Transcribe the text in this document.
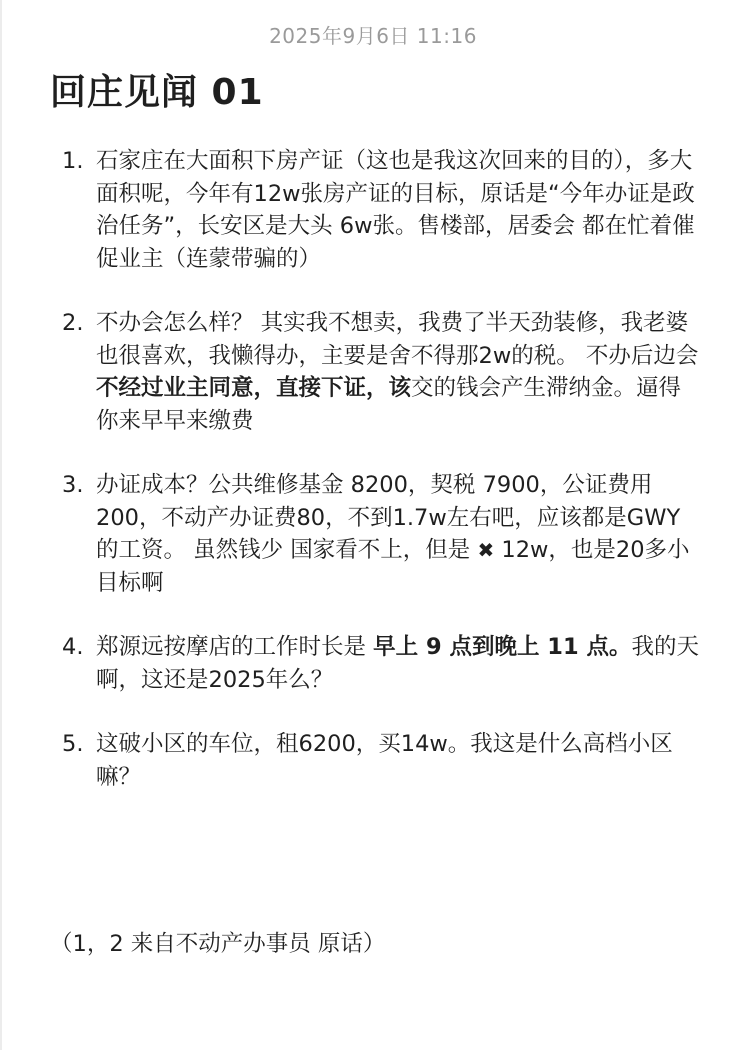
2025年9月6日 11:16
回庄见闻 01
1. 石家庄在大面积下房产证（这也是我这次回来的目的），多大面积呢，今年有12w张房产证的目标，原话是“今年办证是政治任务”，长安区是大头 6w张。售楼部，居委会 都在忙着催促业主（连蒙带骗的）
2. 不办会怎么样？ 其实我不想卖，我费了半天劲装修，我老婆也很喜欢，我懒得办，主要是舍不得那2w的税。 不办后边会 不经过业主同意，直接下证，该交的钱会产生滞纳金。逼得你来早早来缴费
3. 办证成本？公共维修基金 8200，契税 7900，公证费用200，不动产办证费80，不到1.7w左右吧，应该都是GWY的工资。 虽然钱少 国家看不上，但是 ✖ 12w，也是20多小目标啊
4. 郑源远按摩店的工作时长是 早上 9 点到晚上 11 点。我的天啊，这还是2025年么？
5. 这破小区的车位，租6200，买14w。我这是什么高档小区嘛？
（1，2 来自不动产办事员 原话）
